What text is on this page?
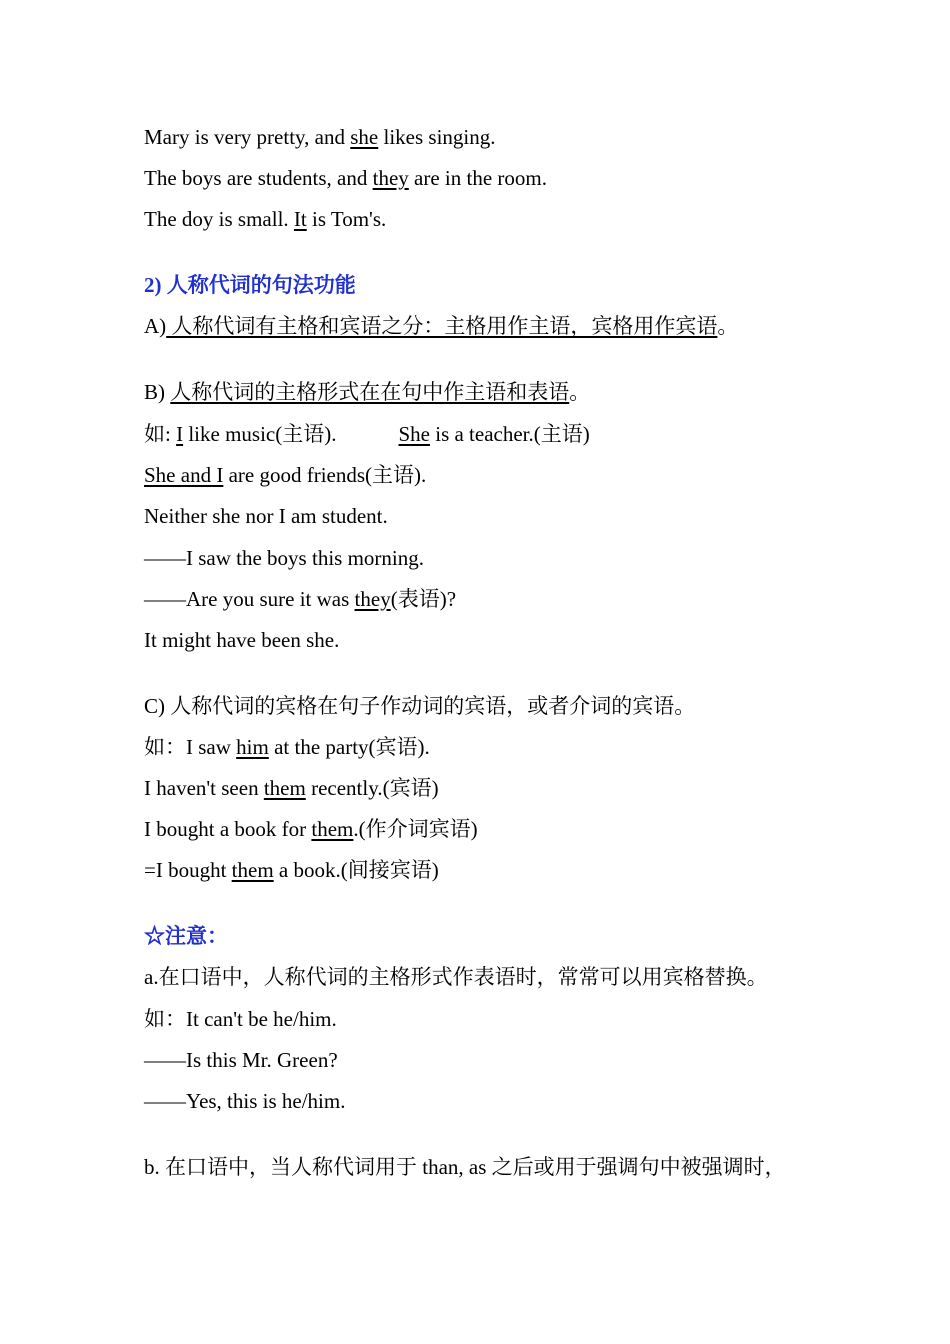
Mary is very pretty, and she likes singing.
The boys are students, and they are in the room.
The doy is small. It is Tom's.
2) 人称代词的句法功能
A) 人称代词有主格和宾语之分：主格用作主语，宾格用作宾语。
B) 人称代词的主格形式在在句中作主语和表语。
如: I like music(主语).	She is a teacher.(主语)
She and I are good friends(主语).
Neither she nor I am student.
——I saw the boys this morning.
——Are you sure it was they(表语)?
It might have been she.
C) 人称代词的宾格在句子作动词的宾语，或者介词的宾语。
如：I saw him at the party(宾语).
I haven't seen them recently.(宾语)
I bought a book for them.(作介词宾语)
=I bought them a book.(间接宾语)
☆注意：
a.在口语中，人称代词的主格形式作表语时，常常可以用宾格替换。
如：It can't be he/him.
——Is this Mr. Green?
——Yes, this is he/him.
b. 在口语中，当人称代词用于 than, as 之后或用于强调句中被强调时，
